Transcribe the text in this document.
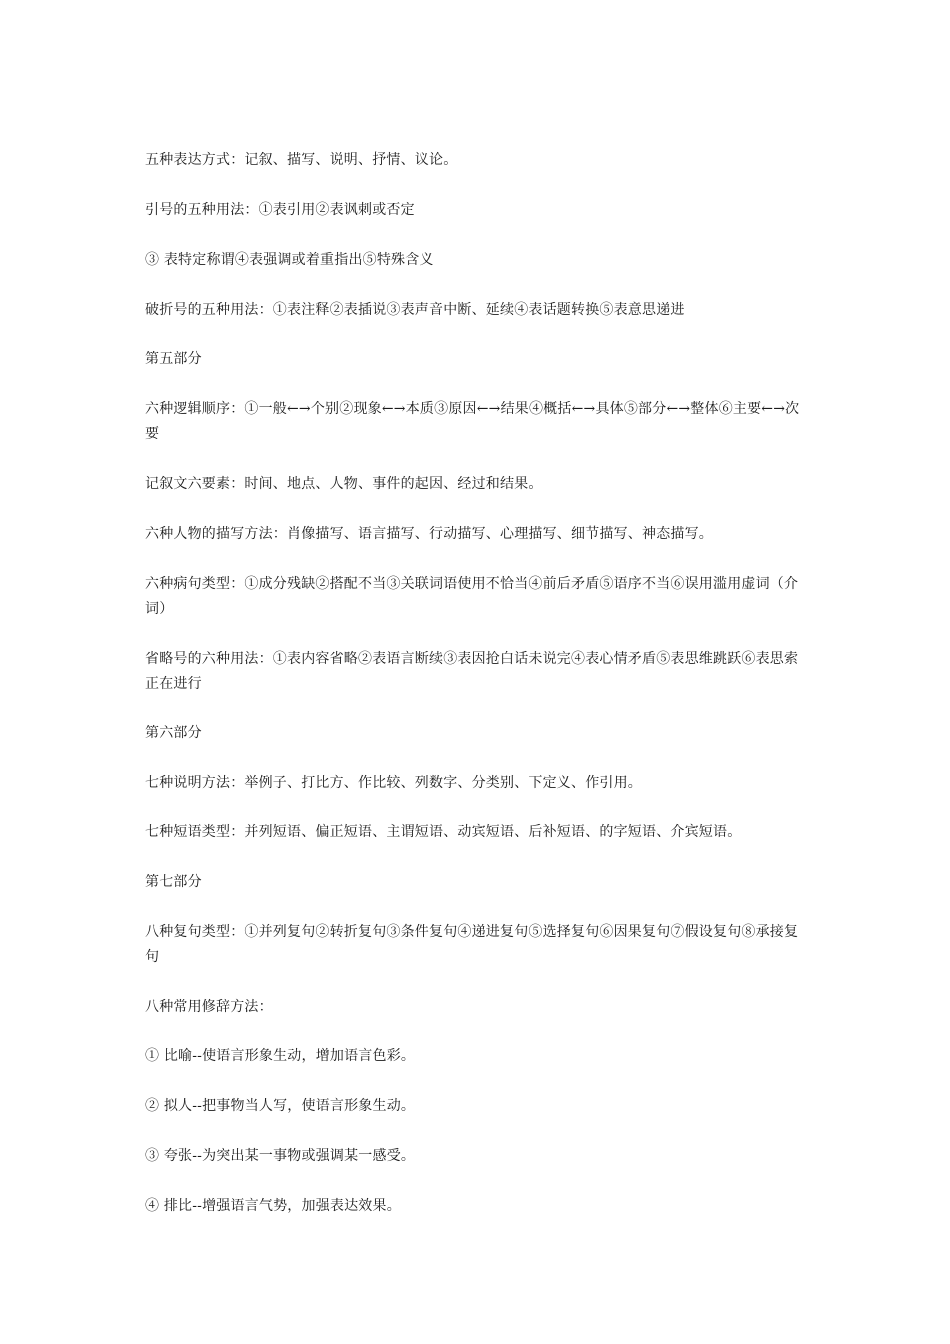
五种表达方式：记叙、描写、说明、抒情、议论。

引号的五种用法：①表引用②表讽刺或否定

③ 表特定称谓④表强调或着重指出⑤特殊含义

破折号的五种用法：①表注释②表插说③表声音中断、延续④表话题转换⑤表意思递进

第五部分

六种逻辑顺序：①一般←→个别②现象←→本质③原因←→结果④概括←→具体⑤部分←→整体⑥主要←→次要

记叙文六要素：时间、地点、人物、事件的起因、经过和结果。

六种人物的描写方法：肖像描写、语言描写、行动描写、心理描写、细节描写、神态描写。

六种病句类型：①成分残缺②搭配不当③关联词语使用不恰当④前后矛盾⑤语序不当⑥误用滥用虚词（介词）

省略号的六种用法：①表内容省略②表语言断续③表因抢白话未说完④表心情矛盾⑤表思维跳跃⑥表思索正在进行

第六部分

七种说明方法：举例子、打比方、作比较、列数字、分类别、下定义、作引用。

七种短语类型：并列短语、偏正短语、主谓短语、动宾短语、后补短语、的字短语、介宾短语。

第七部分

八种复句类型：①并列复句②转折复句③条件复句④递进复句⑤选择复句⑥因果复句⑦假设复句⑧承接复句

八种常用修辞方法：

① 比喻--使语言形象生动，增加语言色彩。

② 拟人--把事物当人写，使语言形象生动。

③ 夸张--为突出某一事物或强调某一感受。

④ 排比--增强语言气势，加强表达效果。
